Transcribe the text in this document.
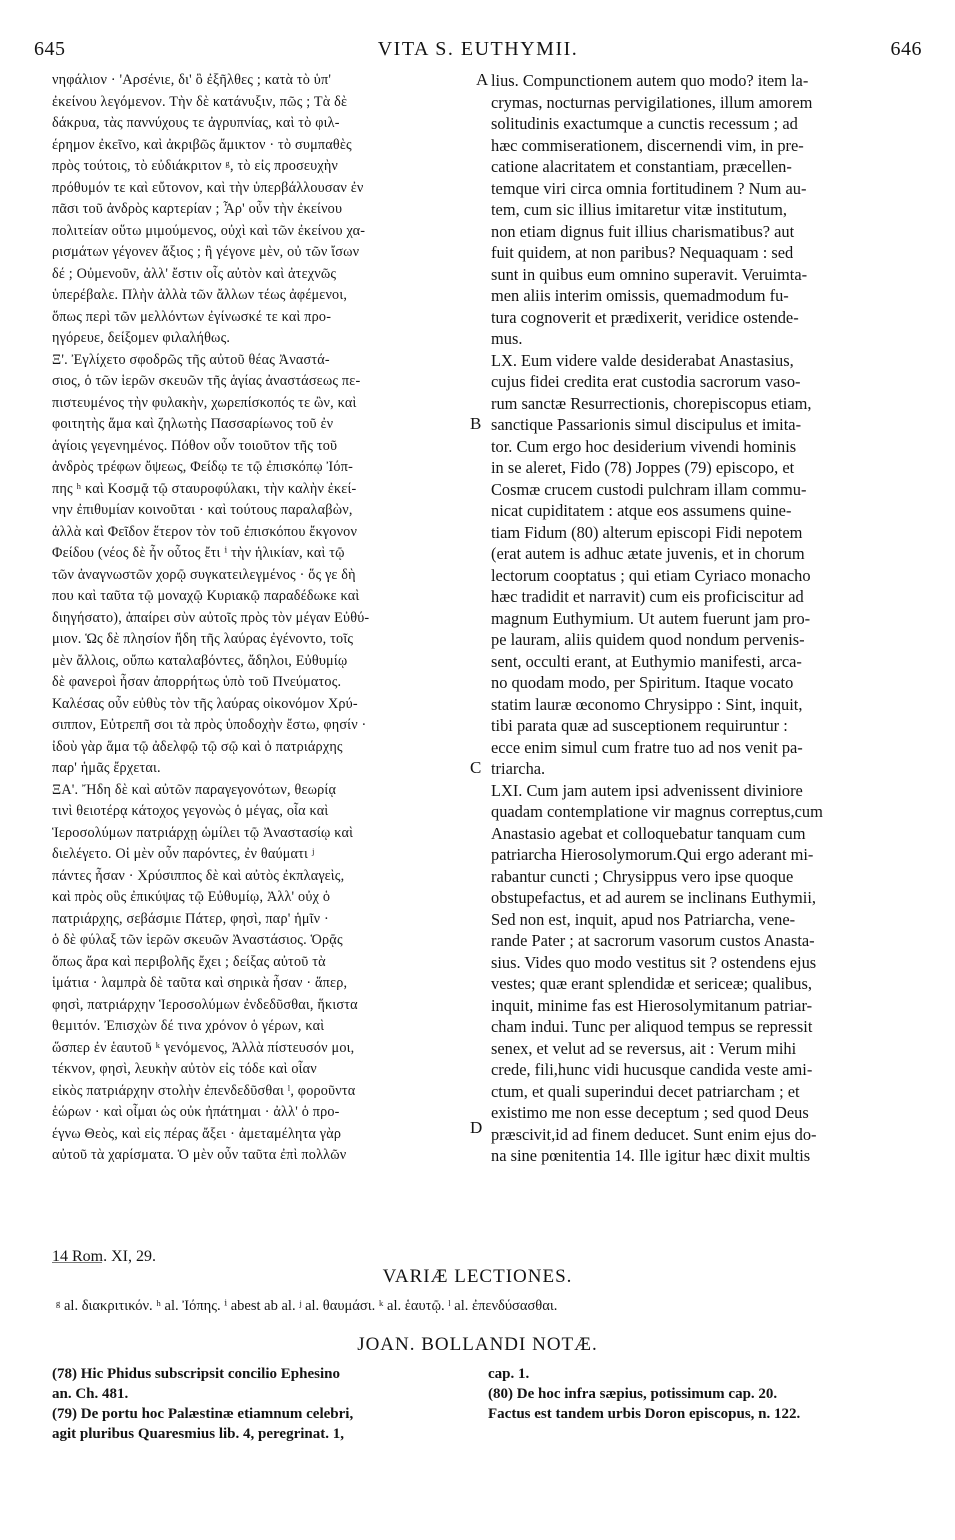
645	VITA S. EUTHYMII.	646
νηφάλιον · 'Αρσένιε, δι' ὃ ἐξῆλθες ; κατὰ τὸ ὑπ'
ἐκείνου λεγόμενον. Τὴν δὲ κατάνυξιν, πῶς ; Τὰ δὲ
δάκρυα, τὰς παννύχους τε ἀγρυπνίας, καὶ τὸ φιλ-
έρημον ἐκεῖνο, καὶ ἀκριβῶς ἄμικτον · τὸ συμπαθὲς
πρὸς τούτοις, τὸ εὐδιάκριτον ᵍ, τὸ εἰς προσευχὴν
πρόθυμόν τε καὶ εὔτονον, καὶ τὴν ὑπερβάλλουσαν ἐν
πᾶσι τοῦ ἀνδρὸς καρτερίαν ; Ἆρ' οὖν τὴν ἐκείνου
πολιτείαν οὕτω μιμούμενος, οὐχὶ καὶ τῶν ἐκείνου χα-
ρισμάτων γέγονεν ἄξιος ; ἢ γέγονε μὲν, οὐ τῶν ἴσων
δέ ; Οὐμενοῦν, ἀλλ' ἔστιν οἷς αὐτὸν καὶ ἀτεχνῶς
ὑπερέβαλε. Πλὴν ἀλλὰ τῶν ἄλλων τέως ἀφέμενοι,
ὅπως περὶ τῶν μελλόντων ἐγίνωσκέ τε καὶ προ-
ηγόρευε, δείξομεν φιλαλήθως.
Ξ'. Ἐγλίχετο σφοδρῶς τῆς αὐτοῦ θέας Ἀναστά-
σιος, ὁ τῶν ἱερῶν σκευῶν τῆς ἁγίας ἀναστάσεως πε-
πιστευμένος τὴν φυλακὴν, χωρεπίσκοπός τε ὢν, καὶ
φοιτητὴς ἅμα καὶ ζηλωτὴς Πασσαρίωνος τοῦ ἐν
ἁγίοις γεγενημένος. Πόθον οὖν τοιοῦτον τῆς τοῦ
ἀνδρὸς τρέφων ὄψεως, Φείδῳ τε τῷ ἐπισκόπῳ Ἰόπ-
πης ʰ καὶ Κοσμᾷ τῷ σταυροφύλακι, τὴν καλὴν ἐκεί-
νην ἐπιθυμίαν κοινοῦται · καὶ τούτους παραλαβὼν,
ἀλλὰ καὶ Φεῖδον ἕτερον τὸν τοῦ ἐπισκόπου ἔκγονον
Φείδου (νέος δὲ ἦν οὗτος ἔτι ⁱ τὴν ἡλικίαν, καὶ τῷ
τῶν ἀναγνωστῶν χορῷ συγκατειλεγμένος · ὅς γε δὴ
που καὶ ταῦτα τῷ μοναχῷ Κυριακῷ παραδέδωκε καὶ
διηγήσατο), ἀπαίρει σὺν αὐτοῖς πρὸς τὸν μέγαν Εὐθύ-
μιον. Ὡς δὲ πλησίον ἤδη τῆς λαύρας ἐγένοντο, τοῖς
μὲν ἄλλοις, οὔπω καταλαβόντες, ἄδηλοι, Εὐθυμίῳ
δὲ φανεροὶ ἦσαν ἀπορρήτως ὑπὸ τοῦ Πνεύματος.
Καλέσας οὖν εὐθὺς τὸν τῆς λαύρας οἰκονόμον Χρύ-
σιππον, Εὐτρεπῆ σοι τὰ πρὸς ὑποδοχὴν ἔστω, φησίν ·
ἰδοὺ γὰρ ἅμα τῷ ἀδελφῷ τῷ σῷ καὶ ὁ πατριάρχης
παρ' ἡμᾶς ἔρχεται.
ΞΑ'. Ἤδη δὲ καὶ αὐτῶν παραγεγονότων, θεωρίᾳ
τινὶ θειοτέρᾳ κάτοχος γεγονὼς ὁ μέγας, οἷα καὶ
Ἱεροσολύμων πατριάρχῃ ὡμίλει τῷ Ἀναστασίῳ καὶ
διελέγετο. Οἱ μὲν οὖν παρόντες, ἐν θαύματι ʲ
πάντες ἦσαν · Χρύσιππος δὲ καὶ αὐτὸς ἐκπλαγεὶς,
καὶ πρὸς οὓς ἐπικύψας τῷ Εὐθυμίῳ, Ἀλλ' οὐχ ὁ
πατριάρχης, σεβάσμιε Πάτερ, φησὶ, παρ' ἡμῖν ·
ὁ δὲ φύλαξ τῶν ἱερῶν σκευῶν Ἀναστάσιος. Ὁρᾷς
ὅπως ἄρα καὶ περιβολῆς ἔχει ; δείξας αὐτοῦ τὰ
ἱμάτια · λαμπρὰ δὲ ταῦτα καὶ σηρικὰ ἦσαν · ἅπερ,
φησὶ, πατριάρχην Ἱεροσολύμων ἐνδεδῦσθαι, ἥκιστα
θεμιτόν. Ἐπισχὼν δέ τινα χρόνον ὁ γέρων, καὶ
ὥσπερ ἐν ἑαυτοῦ ᵏ γενόμενος, Ἀλλὰ πίστευσόν μοι,
τέκνον, φησὶ, λευκὴν αὐτὸν εἰς τόδε καὶ οἷαν
εἰκὸς πατριάρχην στολὴν ἐπενδεδῦσθαι ˡ, φοροῦντα
ἑώρων · καὶ οἶμαι ὡς οὐκ ἠπάτημαι · ἀλλ' ὁ προ-
έγνω Θεὸς, καὶ εἰς πέρας ἄξει · ἀμεταμέλητα γὰρ
αὐτοῦ τὰ χαρίσματα. Ὁ μὲν οὖν ταῦτα ἐπὶ πολλῶν
lius. Compunctionem autem quo modo? item la-
crymas, nocturnas pervigilationes, illum amorem
solitudinis exactumque a cunctis recessum ; ad
hæc commiserationem, discernendi vim, in pre-
catione alacritatem et constantiam, præcellen-
temque viri circa omnia fortitudinem ? Num au-
tem, cum sic illius imitaretur vitæ institutum,
non etiam dignus fuit illius charismatibus? aut
fuit quidem, at non paribus? Nequaquam : sed
sunt in quibus eum omnino superavit. Veruimta-
men aliis interim omissis, quemadmodum fu-
tura cognoverit et prædixerit, veridice ostende-
mus.
LX. Eum videre valde desiderabat Anastasius,
cujus fidei credita erat custodia sacrorum vaso-
rum sanctæ Resurrectionis, chorepiscopus etiam,
sanctique Passarionis simul discipulus et imita-
tor. Cum ergo hoc desiderium vivendi hominis
in se aleret, Fido (78) Joppes (79) episcopo, et
Cosmæ crucem custodi pulchram illam commu-
nicat cupiditatem : atque eos assumens quine-
tiam Fidum (80) alterum episcopi Fidi nepotem
(erat autem is adhuc ætate juvenis, et in chorum
lectorum cooptatus ; qui etiam Cyriaco monacho
hæc tradidit et narravit) cum eis proficiscitur ad
magnum Euthymium. Ut autem fuerunt jam pro-
pe lauram, aliis quidem quod nondum pervenis-
sent, occulti erant, at Euthymio manifesti, arca-
no quodam modo, per Spiritum. Itaque vocato
statim lauræ œconomo Chrysippo : Sint, inquit,
tibi parata quæ ad susceptionem requiruntur :
ecce enim simul cum fratre tuo ad nos venit pa-
triarcha.
LXI. Cum jam autem ipsi advenissent diviniore
quadam contemplatione vir magnus correptus,cum
Anastasio agebat et colloquebatur tanquam cum
patriarcha Hierosolymorum.Qui ergo aderant mi-
rabantur cuncti ; Chrysippus vero ipse quoque
obstupefactus, et ad aurem se inclinans Euthymii,
Sed non est, inquit, apud nos Patriarcha, vene-
rande Pater ; at sacrorum vasorum custos Anasta-
sius. Vides quo modo vestitus sit ? ostendens ejus
vestes; quæ erant splendidæ et sericeæ; qualibus,
inquit, minime fas est Hierosolymitanum patriar-
cham indui. Tunc per aliquod tempus se repressit
senex, et velut ad se reversus, ait : Verum mihi
crede, fili,hunc vidi hucusque candida veste ami-
ctum, et quali superindui decet patriarcham ; et
existimo me non esse deceptum ; sed quod Deus
præscivit,id ad finem deducet. Sunt enim ejus do-
na sine pœnitentia 14. Ille igitur hæc dixit multis
A
B
C
D
14 Rom. XI, 29.
VARIÆ LECTIONES.
ᵍ al. διακριτικόν. ʰ al. Ἰόπης. ⁱ abest ab al. ʲ al. θαυμάσι. ᵏ al. ἑαυτῷ. ˡ al. ἐπενδύσασθαι.
JOAN. BOLLANDI NOTÆ.
(78) Hic Phidus subscripsit concilio Ephesino
an. Ch. 481.
(79) De portu hoc Palæstinæ etiamnum celebri,
agit pluribus Quaresmius lib. 4, peregrinat. 1,
cap. 1.
(80) De hoc infra sæpius, potissimum cap. 20.
Factus est tandem urbis Doron episcopus, n. 122.
